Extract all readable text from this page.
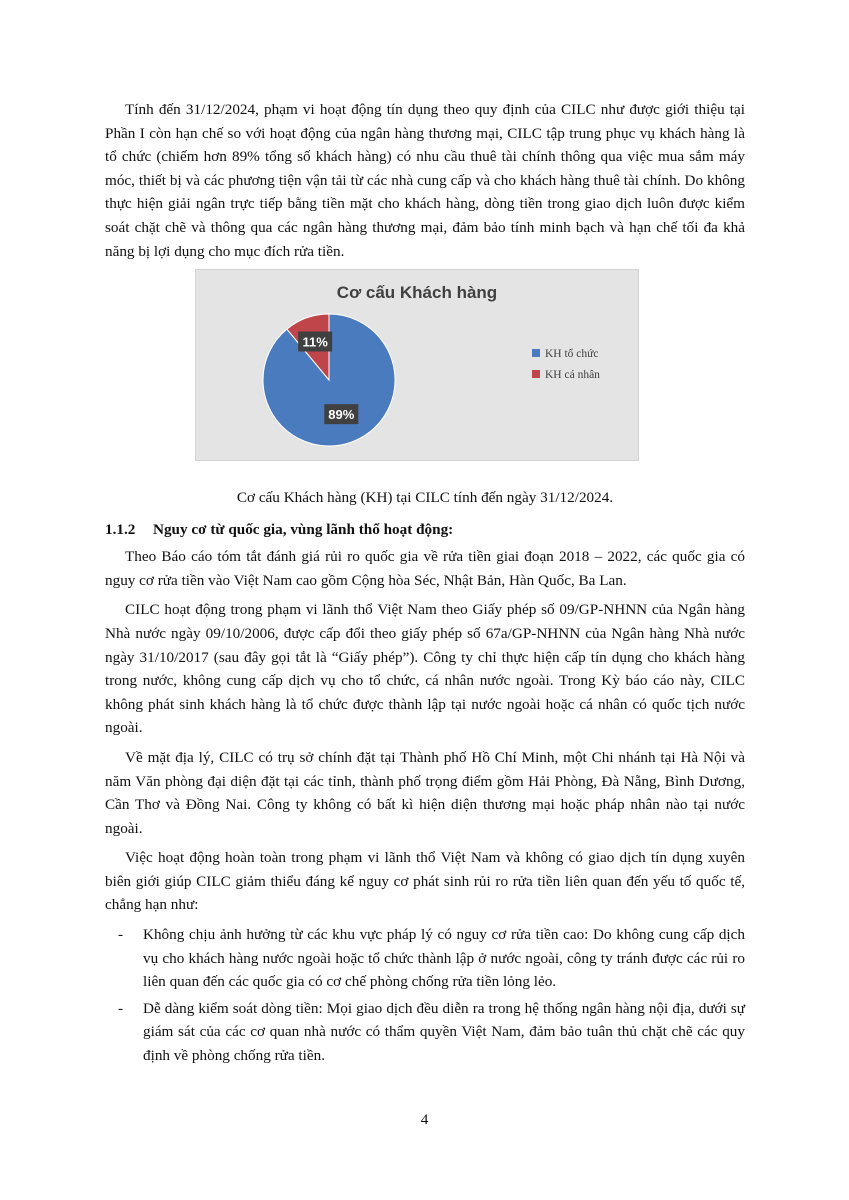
Tính đến 31/12/2024, phạm vi hoạt động tín dụng theo quy định của CILC như được giới thiệu tại Phần I còn hạn chế so với hoạt động của ngân hàng thương mại, CILC tập trung phục vụ khách hàng là tổ chức (chiếm hơn 89% tổng số khách hàng) có nhu cầu thuê tài chính thông qua việc mua sắm máy móc, thiết bị và các phương tiện vận tải từ các nhà cung cấp và cho khách hàng thuê tài chính. Do không thực hiện giải ngân trực tiếp bằng tiền mặt cho khách hàng, dòng tiền trong giao dịch luôn được kiểm soát chặt chẽ và thông qua các ngân hàng thương mại, đảm bảo tính minh bạch và hạn chế tối đa khả năng bị lợi dụng cho mục đích rửa tiền.

Cơ cấu Khách hàng
89%
11%
KH tổ chức
KH cá nhân
Cơ cấu Khách hàng (KH) tại CILC tính đến ngày 31/12/2024.
1.1.2 Nguy cơ từ quốc gia, vùng lãnh thổ hoạt động:

Theo Báo cáo tóm tắt đánh giá rủi ro quốc gia về rửa tiền giai đoạn 2018 – 2022, các quốc gia có nguy cơ rửa tiền vào Việt Nam cao gồm Cộng hòa Séc, Nhật Bản, Hàn Quốc, Ba Lan.

CILC hoạt động trong phạm vi lãnh thổ Việt Nam theo Giấy phép số 09/GP-NHNN của Ngân hàng Nhà nước ngày 09/10/2006, được cấp đổi theo giấy phép số 67a/GP-NHNN của Ngân hàng Nhà nước ngày 31/10/2017 (sau đây gọi tắt là “Giấy phép”). Công ty chỉ thực hiện cấp tín dụng cho khách hàng trong nước, không cung cấp dịch vụ cho tổ chức, cá nhân nước ngoài. Trong Kỳ báo cáo này, CILC không phát sinh khách hàng là tổ chức được thành lập tại nước ngoài hoặc cá nhân có quốc tịch nước ngoài.

Về mặt địa lý, CILC có trụ sở chính đặt tại Thành phố Hồ Chí Minh, một Chi nhánh tại Hà Nội và năm Văn phòng đại diện đặt tại các tỉnh, thành phố trọng điểm gồm Hải Phòng, Đà Nẵng, Bình Dương, Cần Thơ và Đồng Nai. Công ty không có bất kì hiện diện thương mại hoặc pháp nhân nào tại nước ngoài.

Việc hoạt động hoàn toàn trong phạm vi lãnh thổ Việt Nam và không có giao dịch tín dụng xuyên biên giới giúp CILC giảm thiểu đáng kể nguy cơ phát sinh rủi ro rửa tiền liên quan đến yếu tố quốc tế, chẳng hạn như:

- Không chịu ảnh hưởng từ các khu vực pháp lý có nguy cơ rửa tiền cao: Do không cung cấp dịch vụ cho khách hàng nước ngoài hoặc tổ chức thành lập ở nước ngoài, công ty tránh được các rủi ro liên quan đến các quốc gia có cơ chế phòng chống rửa tiền lỏng lẻo.
- Dễ dàng kiểm soát dòng tiền: Mọi giao dịch đều diễn ra trong hệ thống ngân hàng nội địa, dưới sự giám sát của các cơ quan nhà nước có thẩm quyền Việt Nam, đảm bảo tuân thủ chặt chẽ các quy định về phòng chống rửa tiền.
4
